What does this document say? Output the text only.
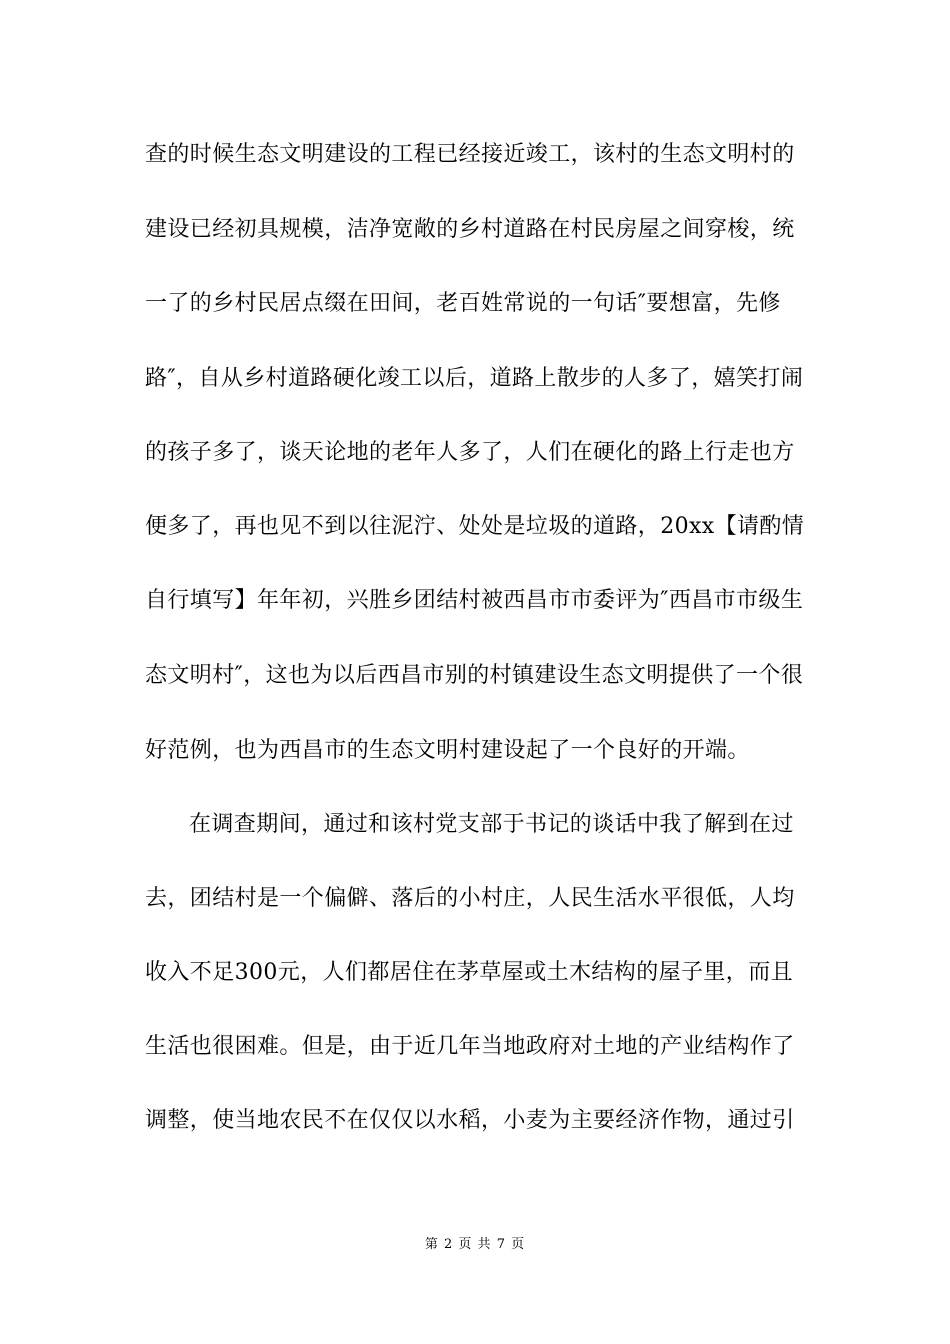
查的时候生态文明建设的工程已经接近竣工，该村的生态文明村的
建设已经初具规模，洁净宽敞的乡村道路在村民房屋之间穿梭，统
一了的乡村民居点缀在田间，老百姓常说的一句话″要想富，先修
路″，自从乡村道路硬化竣工以后，道路上散步的人多了，嬉笑打闹
的孩子多了，谈天论地的老年人多了，人们在硬化的路上行走也方
便多了，再也见不到以往泥泞、处处是垃圾的道路，20xx【请酌情
自行填写】年年初，兴胜乡团结村被西昌市市委评为″西昌市市级生
态文明村″，这也为以后西昌市别的村镇建设生态文明提供了一个很
好范例，也为西昌市的生态文明村建设起了一个良好的开端。
在调查期间，通过和该村党支部于书记的谈话中我了解到在过
去，团结村是一个偏僻、落后的小村庄，人民生活水平很低，人均
收入不足300元，人们都居住在茅草屋或土木结构的屋子里，而且
生活也很困难。但是，由于近几年当地政府对土地的产业结构作了
调整，使当地农民不在仅仅以水稻，小麦为主要经济作物，通过引
第 2 页 共 7 页
